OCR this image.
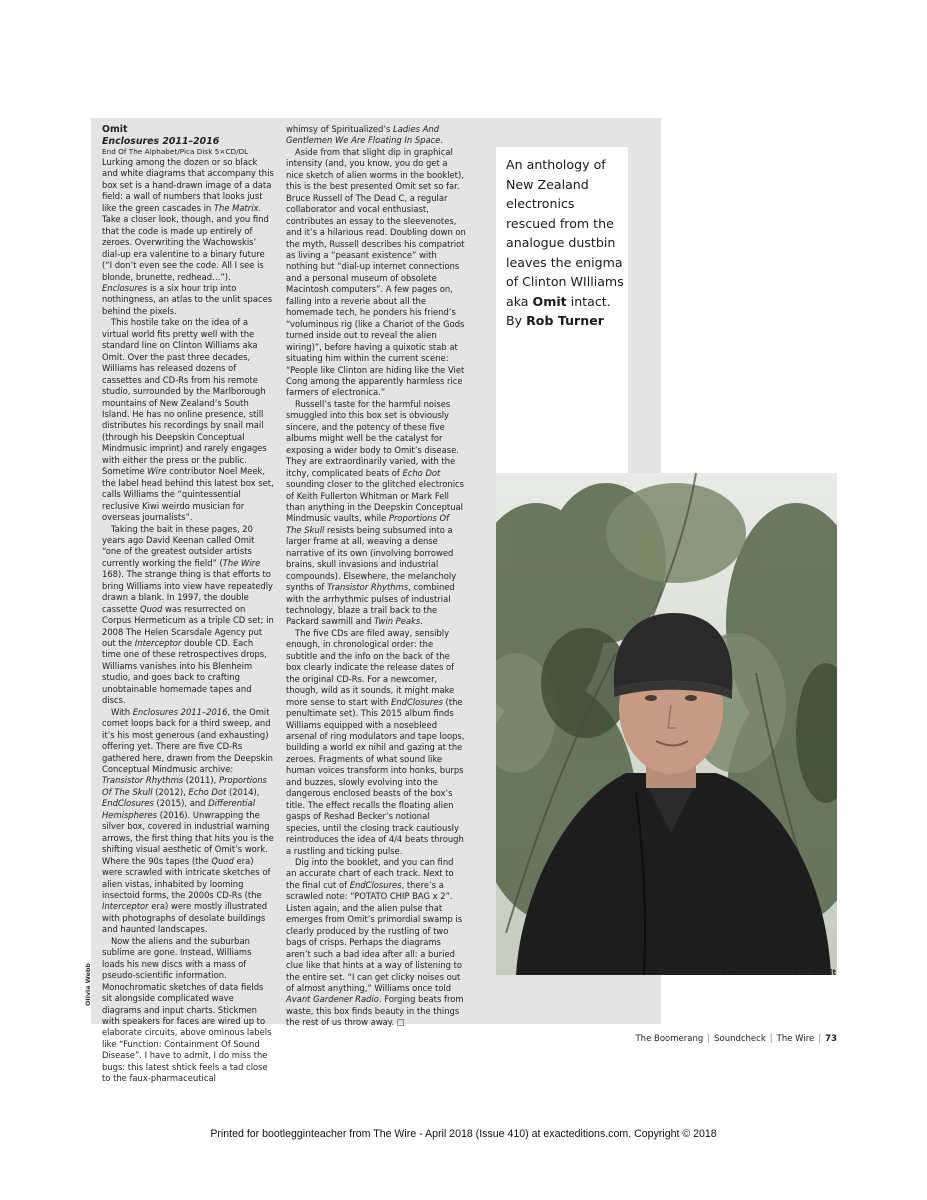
Omit
Enclosures 2011–2016
End Of The Alphabet/Pica Disk 5×CD/DL

Lurking among the dozen or so black and white diagrams that accompany this box set is a hand-drawn image of a data field: a wall of numbers that looks just like the green cascades in The Matrix. Take a closer look, though, and you find that the code is made up entirely of zeroes. Overwriting the Wachowskis’ dial-up era valentine to a binary future (“I don’t even see the code. All I see is blonde, brunette, redhead…”). Enclosures is a six hour trip into nothingness, an atlas to the unlit spaces behind the pixels.

This hostile take on the idea of a virtual world fits pretty well with the standard line on Clinton Williams aka Omit. Over the past three decades, Williams has released dozens of cassettes and CD-Rs from his remote studio, surrounded by the Marlborough mountains of New Zealand’s South Island. He has no online presence, still distributes his recordings by snail mail (through his Deepskin Conceptual Mindmusic imprint) and rarely engages with either the press or the public. Sometime Wire contributor Noel Meek, the label head behind this latest box set, calls Williams the “quintessential reclusive Kiwi weirdo musician for overseas journalists”.

Taking the bait in these pages, 20 years ago David Keenan called Omit “one of the greatest outsider artists currently working the field” (The Wire 168). The strange thing is that efforts to bring Williams into view have repeatedly drawn a blank. In 1997, the double cassette Quod was resurrected on Corpus Hermeticum as a triple CD set; in 2008 The Helen Scarsdale Agency put out the Interceptor double CD. Each time one of these retrospectives drops, Williams vanishes into his Blenheim studio, and goes back to crafting unobtainable homemade tapes and discs.

With Enclosures 2011–2016, the Omit comet loops back for a third sweep, and it’s his most generous (and exhausting) offering yet. There are five CD-Rs gathered here, drawn from the Deepskin Conceptual Mindmusic archive: Transistor Rhythms (2011), Proportions Of The Skull (2012), Echo Dot (2014), EndClosures (2015), and Differential Hemispheres (2016). Unwrapping the silver box, covered in industrial warning arrows, the first thing that hits you is the shifting visual aesthetic of Omit’s work. Where the 90s tapes (the Quod era) were scrawled with intricate sketches of alien vistas, inhabited by looming insectoid forms, the 2000s CD-Rs (the Interceptor era) were mostly illustrated with photographs of desolate buildings and haunted landscapes.

Now the aliens and the suburban sublime are gone. Instead, Williams loads his new discs with a mass of pseudo-scientific information. Monochromatic sketches of data fields sit alongside complicated wave diagrams and input charts. Stickmen with speakers for faces are wired up to elaborate circuits, above ominous labels like “Function: Containment Of Sound Disease”. I have to admit, I do miss the bugs: this latest shtick feels a tad close to the faux-pharmaceutical

whimsy of Spiritualized’s Ladies And Gentlemen We Are Floating In Space.

Aside from that slight dip in graphical intensity (and, you know, you do get a nice sketch of alien worms in the booklet), this is the best presented Omit set so far. Bruce Russell of The Dead C, a regular collaborator and vocal enthusiast, contributes an essay to the sleevenotes, and it’s a hilarious read. Doubling down on the myth, Russell describes his compatriot as living a “peasant existence” with nothing but “dial-up internet connections and a personal museum of obsolete Macintosh computers”. A few pages on, falling into a reverie about all the homemade tech, he ponders his friend’s “voluminous rig (like a Chariot of the Gods turned inside out to reveal the alien wiring)”, before having a quixotic stab at situating him within the current scene: “People like Clinton are hiding like the Viet Cong among the apparently harmless rice farmers of electronica.”

Russell’s taste for the harmful noises smuggled into this box set is obviously sincere, and the potency of these five albums might well be the catalyst for exposing a wider body to Omit’s disease. They are extraordinarily varied, with the itchy, complicated beats of Echo Dot sounding closer to the glitched electronics of Keith Fullerton Whitman or Mark Fell than anything in the Deepskin Conceptual Mindmusic vaults, while Proportions Of The Skull resists being subsumed into a larger frame at all, weaving a dense narrative of its own (involving borrowed brains, skull invasions and industrial compounds). Elsewhere, the melancholy synths of Transistor Rhythms, combined with the arrhythmic pulses of industrial technology, blaze a trail back to the Packard sawmill and Twin Peaks.

The five CDs are filed away, sensibly enough, in chronological order: the subtitle and the info on the back of the box clearly indicate the release dates of the original CD-Rs. For a newcomer, though, wild as it sounds, it might make more sense to start with EndClosures (the penultimate set). This 2015 album finds Williams equipped with a nosebleed arsenal of ring modulators and tape loops, building a world ex nihil and gazing at the zeroes. Fragments of what sound like human voices transform into honks, burps and buzzes, slowly evolving into the dangerous enclosed beasts of the box’s title. The effect recalls the floating alien gasps of Reshad Becker’s notional species, until the closing track cautiously reintroduces the idea of 4/4 beats through a rustling and ticking pulse.

Dig into the booklet, and you can find an accurate chart of each track. Next to the final cut of EndClosures, there’s a scrawled note: “POTATO CHIP BAG x 2”. Listen again, and the alien pulse that emerges from Omit’s primordial swamp is clearly produced by the rustling of two bags of crisps. Perhaps the diagrams aren’t such a bad idea after all: a buried clue like that hints at a way of listening to the entire set. “I can get clicky noises out of almost anything,” Williams once told Avant Gardener Radio. Forging beats from waste, this box finds beauty in the things the rest of us throw away. □

An anthology of New Zealand electronics rescued from the analogue dustbin leaves the enigma of Clinton WIlliams aka Omit intact.
By Rob Turner
Resident alien: Clinton Williams aka Omit
Olivia Webb
The Boomerang | Soundcheck | The Wire | 73
Printed for bootlegginteacher from The Wire - April 2018 (Issue 410) at exacteditions.com. Copyright © 2018
